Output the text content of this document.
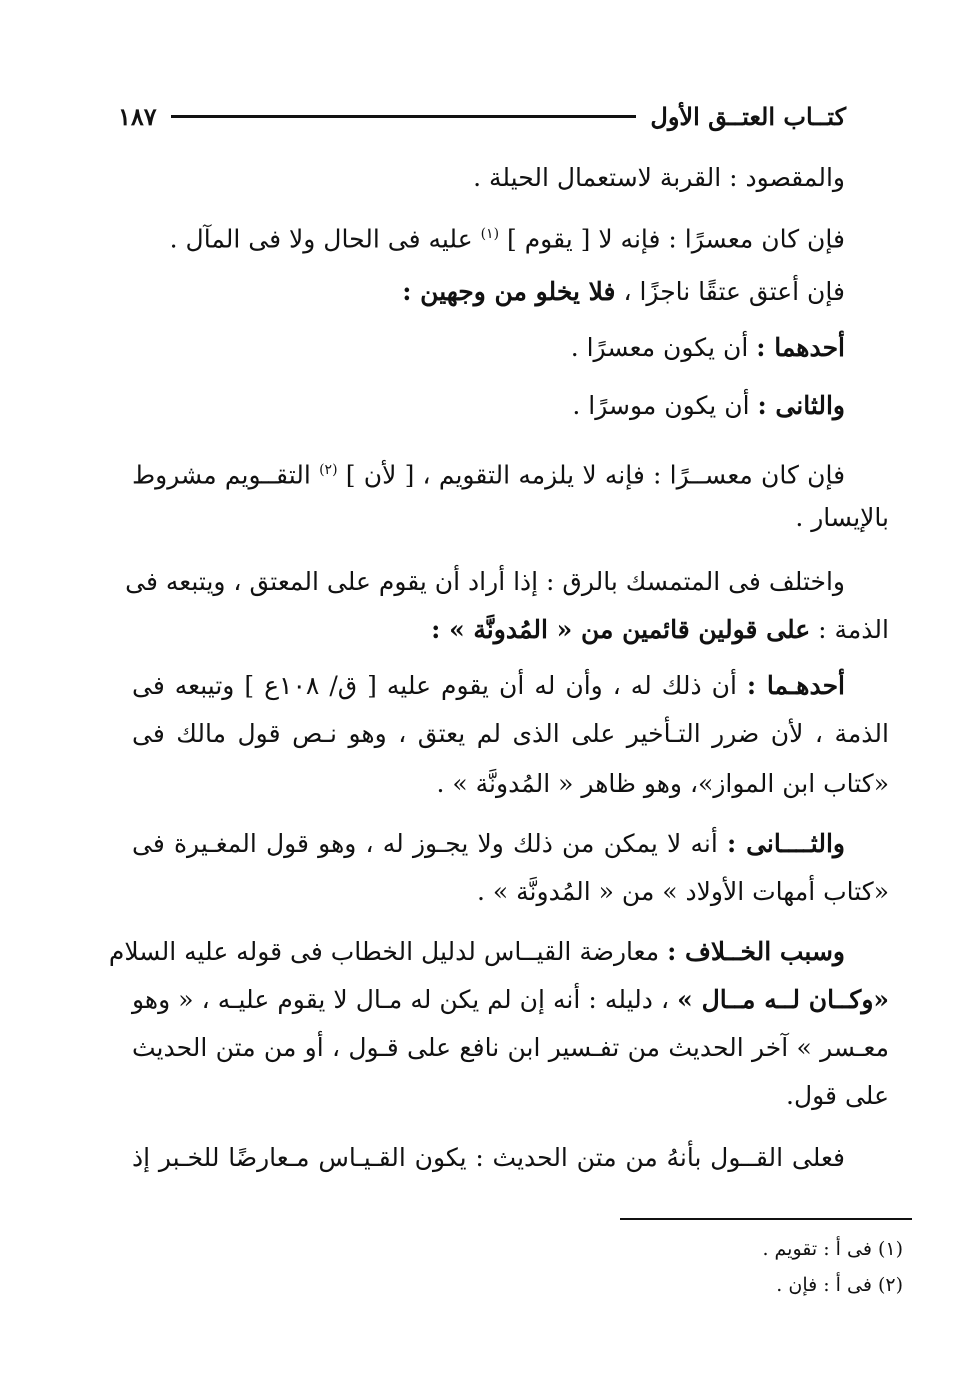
كتــاب العتــق الأول
١٨٧
والمقصود : القربة لاستعمال الحيلة .
فإن كان معسرًا : فإنه لا [ يقوم ] $^{(١)}$ عليه فى الحال ولا فى المآل .
فإن أعتق عتقًا ناجزًا ، فلا يخلو من وجهين :
أحدهما : أن يكون معسرًا .
والثانى : أن يكون موسرًا .
فإن كان معســرًا : فإنه لا يلزمه التقويم ، [ لأن ] $^{(٢)}$ التقــويم مشروط
بالإيسار .
واختلف فى المتمسك بالرق : إذا أراد أن يقوم على المعتق ، ويتبعه فى
الذمة : على قولين قائمين من « المُدونَّة » :
أحدهـما : أن ذلك له ، وأن له أن يقوم عليه [ ق/ ١٠٨ع ] وتيبعه فى
الذمة ، لأن ضرر التـأخير على الذى لم يعتق ، وهو نـص قول مالك فى
«كتاب ابن المواز»، وهو ظاهر « المُدونَّة » .
والثــــانى : أنه لا يمكن من ذلك ولا يجـوز له ، وهو قول المغـيرة فى
«كتاب أمهات الأولاد » من « المُدونَّة » .
وسبب الخــلاف : معارضة القيــاس لدليل الخطاب فى قوله عليه السلام
«وكــان لــه مــال » ، دليله : أنه إن لم يكن له مـال لا يقوم عليـه ، « وهو
معـسر » آخر الحديث من تفـسير ابن نافع على قـول ، أو من متن الحديث
على قول.
فعلى القــول بأنهُ من متن الحديث : يكون القـيـاس مـعارضًا للخـبر إذ
(١) فى أ : تقويم .
(٢) فى أ : فإن .
